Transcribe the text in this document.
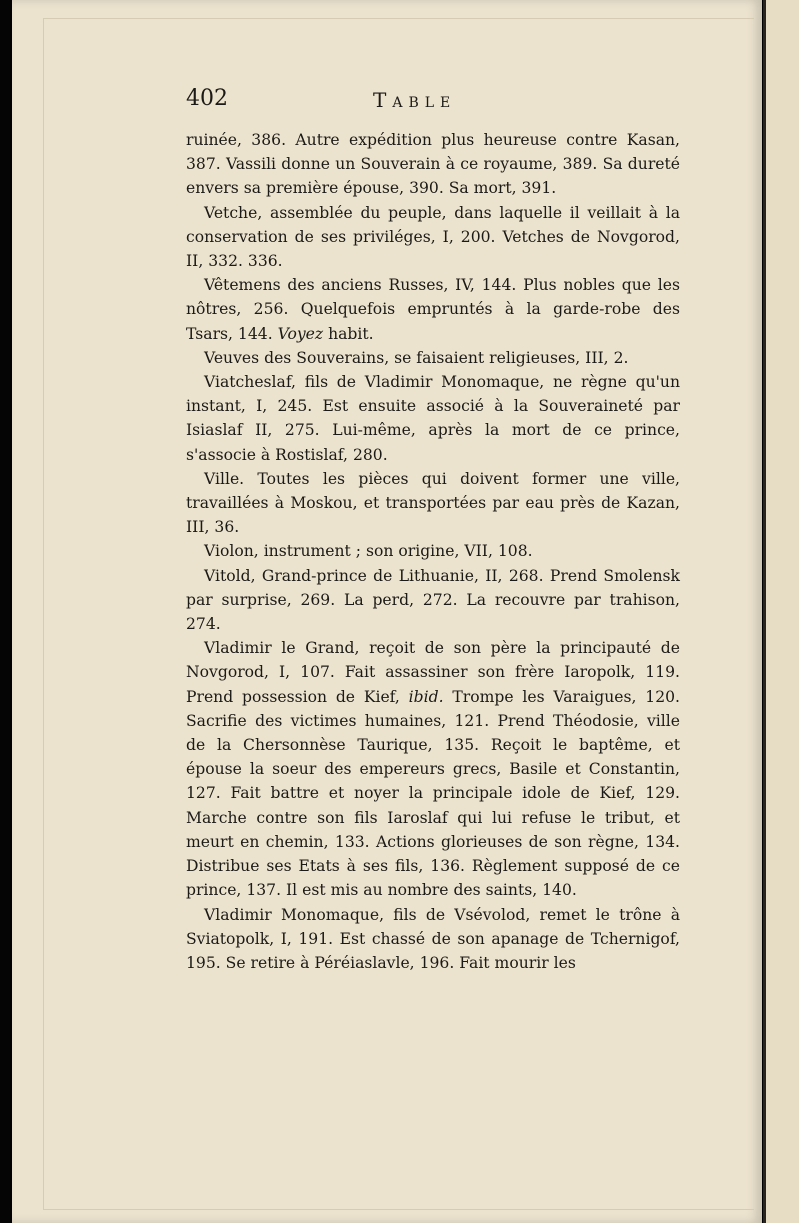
402	Table

ruinée, 386. Autre expédition plus heureuse contre Kasan, 387. Vassili donne un Souverain à ce royaume, 389. Sa dureté envers sa première épouse, 390. Sa mort, 391.

Vetche, assemblée du peuple, dans laquelle il veillait à la conservation de ses priviléges, I, 200. Vetches de Novgorod, II, 332. 336.

Vêtemens des anciens Russes, IV, 144. Plus nobles que les nôtres, 256. Quelquefois empruntés à la garde-robe des Tsars, 144. Voyez habit.

Veuves des Souverains, se faisaient religieuses, III, 2.

Viatcheslaf, fils de Vladimir Monomaque, ne règne qu'un instant, I, 245. Est ensuite associé à la Souveraineté par Isiaslaf II, 275. Lui-même, après la mort de ce prince, s'associe à Rostislaf, 280.

Ville. Toutes les pièces qui doivent former une ville, travaillées à Moskou, et transportées par eau près de Kazan, III, 36.

Violon, instrument ; son origine, VII, 108.

Vitold, Grand-prince de Lithuanie, II, 268. Prend Smolensk par surprise, 269. La perd, 272. La recouvre par trahison, 274.

Vladimir le Grand, reçoit de son père la principauté de Novgorod, I, 107. Fait assassiner son frère Iaropolk, 119. Prend possession de Kief, ibid. Trompe les Varaigues, 120. Sacrifie des victimes humaines, 121. Prend Théodosie, ville de la Chersonnèse Taurique, 135. Reçoit le baptême, et épouse la soeur des empereurs grecs, Basile et Constantin, 127. Fait battre et noyer la principale idole de Kief, 129. Marche contre son fils Iaroslaf qui lui refuse le tribut, et meurt en chemin, 133. Actions glorieuses de son règne, 134. Distribue ses Etats à ses fils, 136. Règlement supposé de ce prince, 137. Il est mis au nombre des saints, 140.

Vladimir Monomaque, fils de Vsévolod, remet le trône à Sviatopolk, I, 191. Est chassé de son apanage de Tchernigof, 195. Se retire à Péréiaslavle, 196. Fait mourir les
